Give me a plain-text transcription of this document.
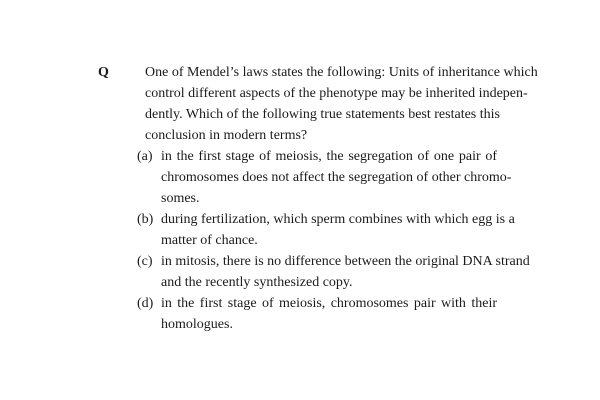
Q	One of Mendel’s laws states the following: Units of inheritance which
control different aspects of the phenotype may be inherited indepen-
dently. Which of the following true statements best restates this
conclusion in modern terms?

(a) in the first stage of meiosis, the segregation of one pair of
chromosomes does not affect the segregation of other chromo-
somes.
(b) during fertilization, which sperm combines with which egg is a
matter of chance.
(c) in mitosis, there is no difference between the original DNA strand
and the recently synthesized copy.
(d) in the first stage of meiosis, chromosomes pair with their
homologues.
